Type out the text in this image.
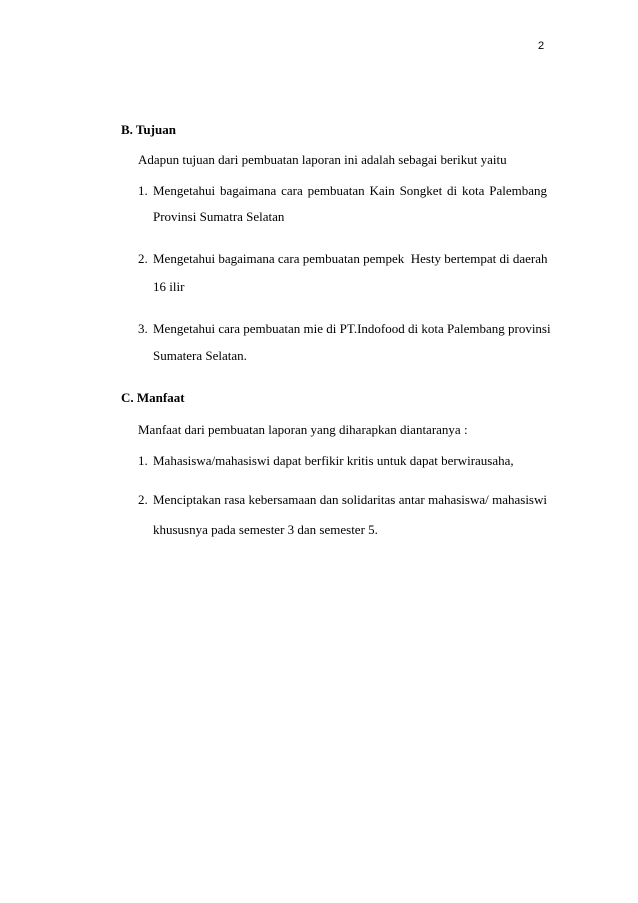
2
B. Tujuan
Adapun tujuan dari pembuatan laporan ini adalah sebagai berikut yaitu
1. Mengetahui bagaimana cara pembuatan Kain Songket di kota Palembang
Provinsi Sumatra Selatan
2. Mengetahui bagaimana cara pembuatan pempek  Hesty bertempat di daerah
16 ilir
3. Mengetahui cara pembuatan mie di PT.Indofood di kota Palembang provinsi
Sumatera Selatan.
C. Manfaat
Manfaat dari pembuatan laporan yang diharapkan diantaranya :
1. Mahasiswa/mahasiswi dapat berfikir kritis untuk dapat berwirausaha,
2. Menciptakan rasa kebersamaan dan solidaritas antar mahasiswa/ mahasiswi
khususnya pada semester 3 dan semester 5.
